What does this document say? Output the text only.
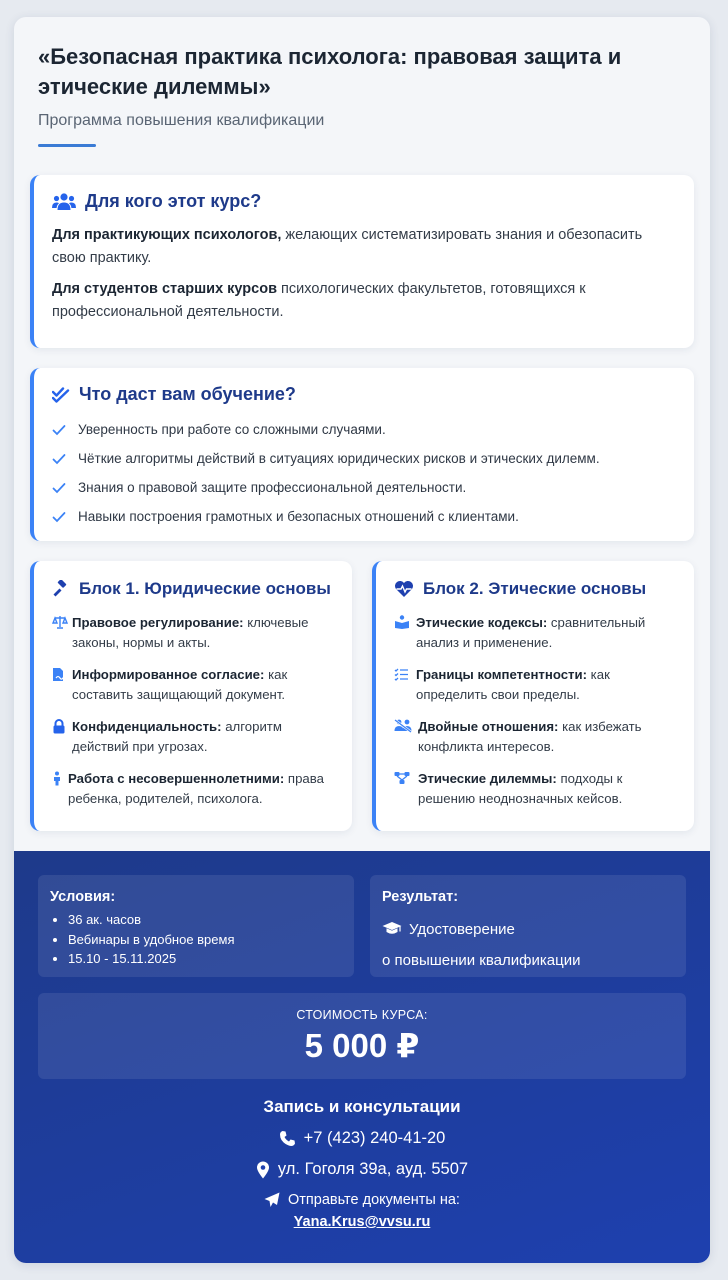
«Безопасная практика психолога: правовая защита и этические дилеммы»
Программа повышения квалификации
Для кого этот курс?

Для практикующих психологов, желающих систематизировать знания и обезопасить свою практику.

Для студентов старших курсов психологических факультетов, готовящихся к профессиональной деятельности.

Что даст вам обучение?
Уверенность при работе со сложными случаями.
Чёткие алгоритмы действий в ситуациях юридических рисков и этических дилемм.
Знания о правовой защите профессиональной деятельности.
Навыки построения грамотных и безопасных отношений с клиентами.
Блок 1. Юридические основы
Правовое регулирование: ключевые законы, нормы и акты.
Информированное согласие: как составить защищающий документ.
Конфиденциальность: алгоритм действий при угрозах.
Работа с несовершеннолетними: права ребенка, родителей, психолога.
Блок 2. Этические основы
Этические кодексы: сравнительный анализ и применение.
Границы компетентности: как определить свои пределы.
Двойные отношения: как избежать конфликта интересов.
Этические дилеммы: подходы к решению неоднозначных кейсов.
Условия:
• 36 ак. часов
• Вебинары в удобное время
• 15.10 - 15.11.2025
Результат:
Удостоверение
о повышении квалификации
СТОИМОСТЬ КУРСА:
5 000 ₽
Запись и консультации
+7 (423) 240-41-20
ул. Гоголя 39а, ауд. 5507
Отправьте документы на:
Yana.Krus@vvsu.ru
